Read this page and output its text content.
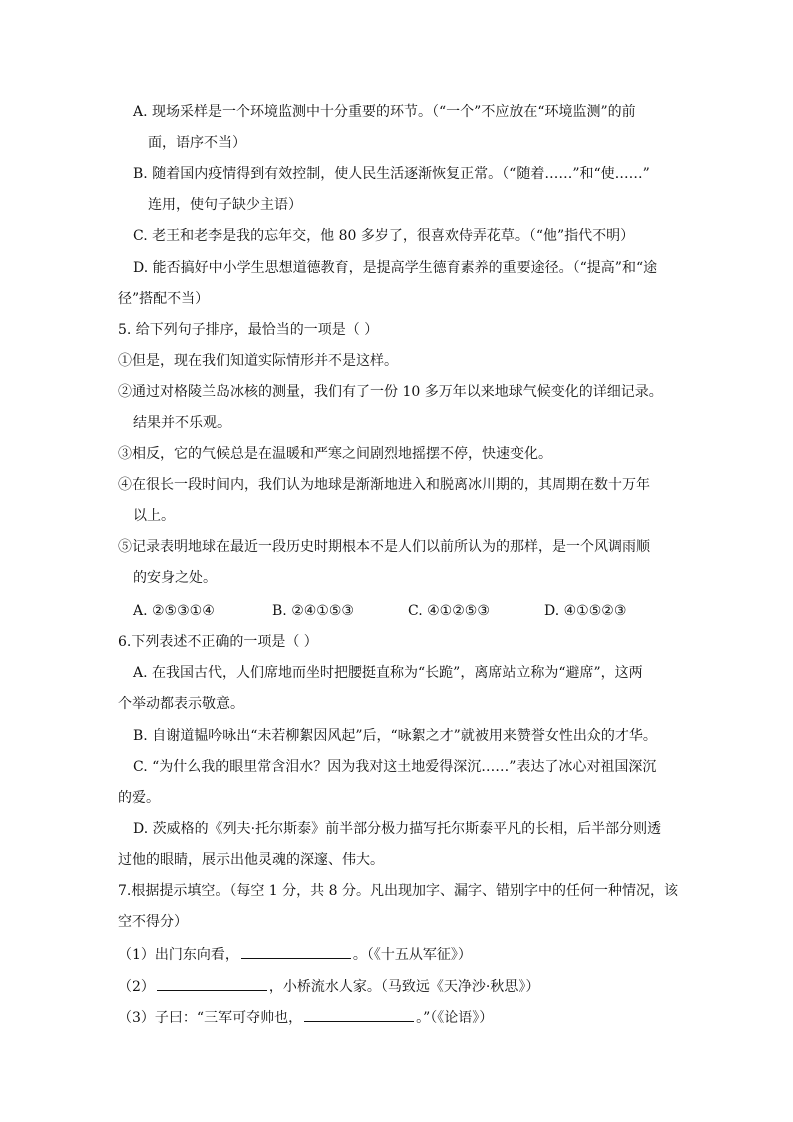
A. 现场采样是一个环境监测中十分重要的环节。（“一个”不应放在“环境监测”的前
面，语序不当）
B. 随着国内疫情得到有效控制，使人民生活逐渐恢复正常。（“随着……”和“使……”
连用，使句子缺少主语）
C. 老王和老李是我的忘年交，他 80 多岁了，很喜欢侍弄花草。（“他”指代不明）
D. 能否搞好中小学生思想道德教育，是提高学生德育素养的重要途径。（“提高”和“途
径”搭配不当）
5. 给下列句子排序，最恰当的一项是（ ）
①但是，现在我们知道实际情形并不是这样。
②通过对格陵兰岛冰核的测量，我们有了一份 10 多万年以来地球气候变化的详细记录。
结果并不乐观。
③相反，它的气候总是在温暖和严寒之间剧烈地摇摆不停，快速变化。
④在很长一段时间内，我们认为地球是渐渐地进入和脱离冰川期的，其周期在数十万年
以上。
⑤记录表明地球在最近一段历史时期根本不是人们以前所认为的那样，是一个风调雨顺
的安身之处。
A. ②⑤③①④	B. ②④①⑤③	C. ④①②⑤③	D. ④①⑤②③
6.下列表述不正确的一项是（ ）
A. 在我国古代，人们席地而坐时把腰挺直称为“长跪”，离席站立称为“避席”，这两
个举动都表示敬意。
B. 自谢道韫吟咏出“未若柳絮因风起”后，“咏絮之才”就被用来赞誉女性出众的才华。
C. “为什么我的眼里常含泪水？因为我对这土地爱得深沉……”表达了冰心对祖国深沉
的爱。
D. 茨威格的《列夫·托尔斯泰》前半部分极力描写托尔斯泰平凡的长相，后半部分则透
过他的眼睛，展示出他灵魂的深邃、伟大。
7.根据提示填空。（每空 1 分，共 8 分。凡出现加字、漏字、错别字中的任何一种情况，该
空不得分）
（1）出门东向看，	。（《十五从军征》）
（2）	，小桥流水人家。（马致远《天净沙·秋思》）
（3）子曰：“三军可夺帅也，	。”（《论语》）
